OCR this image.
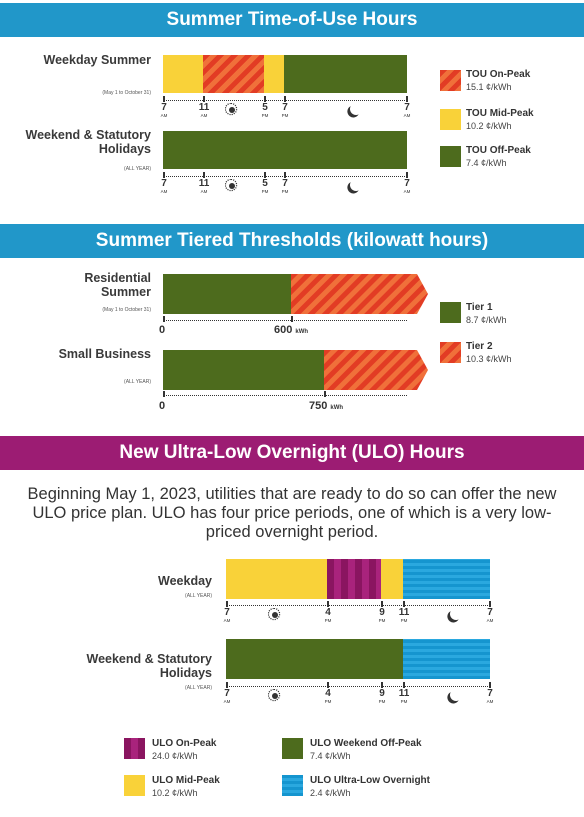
Summer Time-of-Use Hours
Weekday Summer
(May 1 to October 31)
7
AM
11
AM
5
PM
7
PM
7
AM
Weekend & Statutory Holidays
(ALL YEAR)
7
AM
11
AM
5
PM
7
PM
7
AM
TOU On-Peak
15.1 ¢/kWh
TOU Mid-Peak
10.2 ¢/kWh
TOU Off-Peak
7.4 ¢/kWh
Summer Tiered Thresholds (kilowatt hours)
Residential Summer
(May 1 to October 31)
0	600 kWh
Small Business
(ALL YEAR)
0	750 kWh
Tier 1
8.7 ¢/kWh
Tier 2
10.3 ¢/kWh
New Ultra-Low Overnight (ULO) Hours
Beginning May 1, 2023, utilities that are ready to do so can offer the new ULO price plan. ULO has four price periods, one of which is a very low-priced overnight period.
Weekday
(ALL YEAR)
7
AM
4
PM
9
PM
11
PM
7
AM
Weekend & Statutory Holidays
(ALL YEAR)	7
AM
4
PM
9
PM
11
PM
7
AM
ULO On-Peak
24.0 ¢/kWh
ULO Weekend Off-Peak
7.4 ¢/kWh
ULO Mid-Peak
10.2 ¢/kWh
ULO Ultra-Low Overnight
2.4 ¢/kWh
